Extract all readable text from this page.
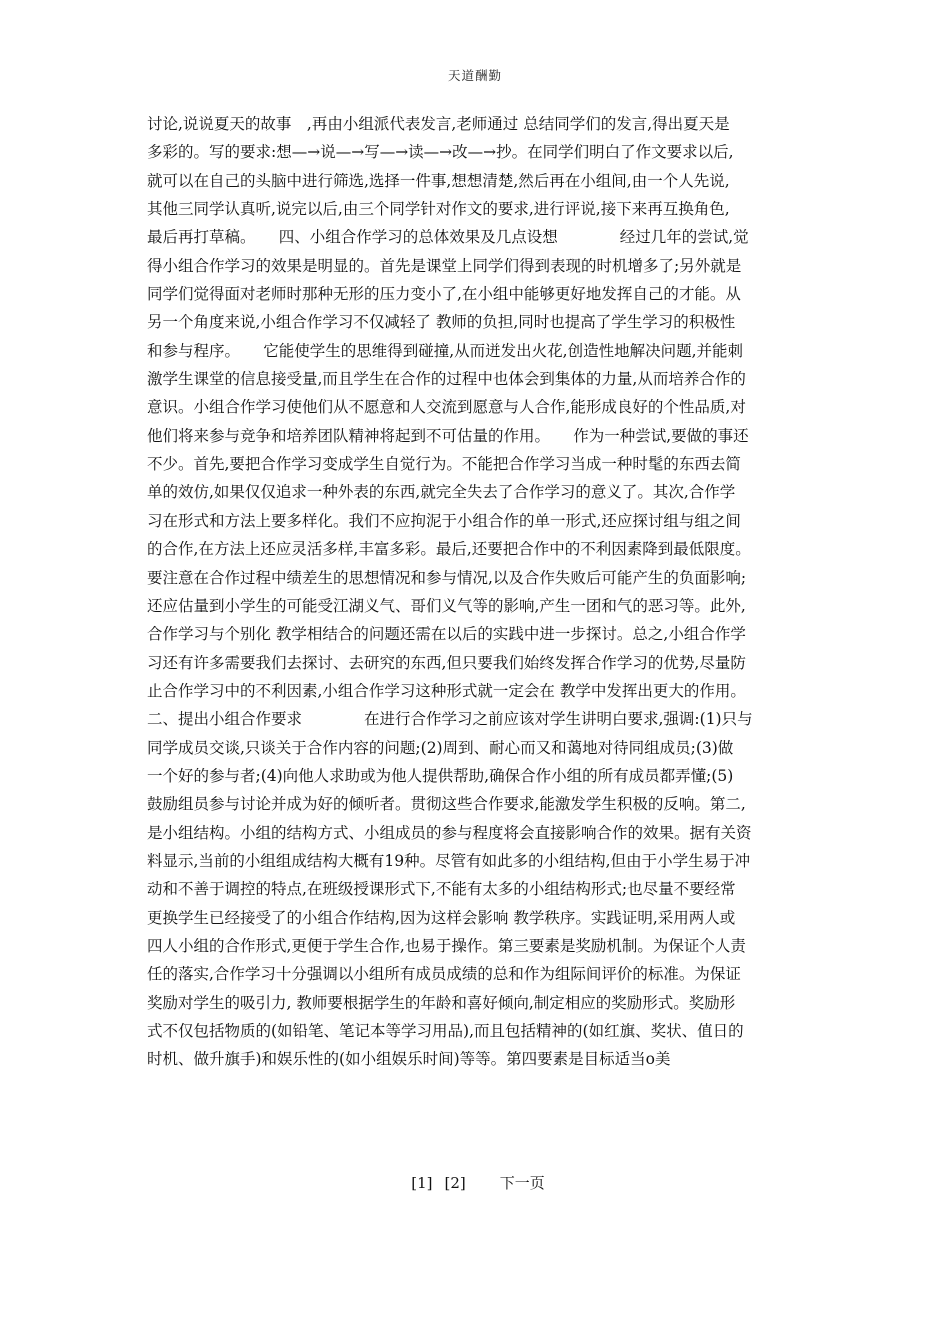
天道酬勤
讨论,说说夏天的故事　,再由小组派代表发言,老师通过 总结同学们的发言,得出夏天是
多彩的。写的要求:想—→说—→写—→读—→改—→抄。在同学们明白了作文要求以后,
就可以在自己的头脑中进行筛选,选择一件事,想想清楚,然后再在小组间,由一个人先说,
其他三同学认真听,说完以后,由三个同学针对作文的要求,进行评说,接下来再互换角色,
最后再打草稿。　　四、小组合作学习的总体效果及几点设想　　　　经过几年的尝试,觉
得小组合作学习的效果是明显的。首先是课堂上同学们得到表现的时机增多了;另外就是
同学们觉得面对老师时那种无形的压力变小了,在小组中能够更好地发挥自己的才能。从
另一个角度来说,小组合作学习不仅减轻了 教师的负担,同时也提高了学生学习的积极性
和参与程序。　　它能使学生的思维得到碰撞,从而迸发出火花,创造性地解决问题,并能刺
激学生课堂的信息接受量,而且学生在合作的过程中也体会到集体的力量,从而培养合作的
意识。小组合作学习使他们从不愿意和人交流到愿意与人合作,能形成良好的个性品质,对
他们将来参与竞争和培养团队精神将起到不可估量的作用。　　作为一种尝试,要做的事还
不少。首先,要把合作学习变成学生自觉行为。不能把合作学习当成一种时髦的东西去简
单的效仿,如果仅仅追求一种外表的东西,就完全失去了合作学习的意义了。其次,合作学
习在形式和方法上要多样化。我们不应拘泥于小组合作的单一形式,还应探讨组与组之间
的合作,在方法上还应灵活多样,丰富多彩。最后,还要把合作中的不利因素降到最低限度。
要注意在合作过程中绩差生的思想情况和参与情况,以及合作失败后可能产生的负面影响;
还应估量到小学生的可能受江湖义气、哥们义气等的影响,产生一团和气的恶习等。此外,
合作学习与个别化 教学相结合的问题还需在以后的实践中进一步探讨。总之,小组合作学
习还有许多需要我们去探讨、去研究的东西,但只要我们始终发挥合作学习的优势,尽量防
止合作学习中的不利因素,小组合作学习这种形式就一定会在 教学中发挥出更大的作用。
二、提出小组合作要求　　　　在进行合作学习之前应该对学生讲明白要求,强调:(1)只与
同学成员交谈,只谈关于合作内容的问题;(2)周到、耐心而又和蔼地对待同组成员;(3)做
一个好的参与者;(4)向他人求助或为他人提供帮助,确保合作小组的所有成员都弄懂;(5)
鼓励组员参与讨论并成为好的倾听者。贯彻这些合作要求,能激发学生积极的反响。第二,
是小组结构。小组的结构方式、小组成员的参与程度将会直接影响合作的效果。据有关资
料显示,当前的小组组成结构大概有19种。尽管有如此多的小组结构,但由于小学生易于冲
动和不善于调控的特点,在班级授课形式下,不能有太多的小组结构形式;也尽量不要经常
更换学生已经接受了的小组合作结构,因为这样会影响 教学秩序。实践证明,采用两人或
四人小组的合作形式,更便于学生合作,也易于操作。第三要素是奖励机制。为保证个人责
任的落实,合作学习十分强调以小组所有成员成绩的总和作为组际间评价的标准。为保证
奖励对学生的吸引力, 教师要根据学生的年龄和喜好倾向,制定相应的奖励形式。奖励形
式不仅包括物质的(如铅笔、笔记本等学习用品),而且包括精神的(如红旗、奖状、值日的
时机、做升旗手)和娱乐性的(如小组娱乐时间)等等。第四要素是目标适当ο美
[1] [2] 下一页
